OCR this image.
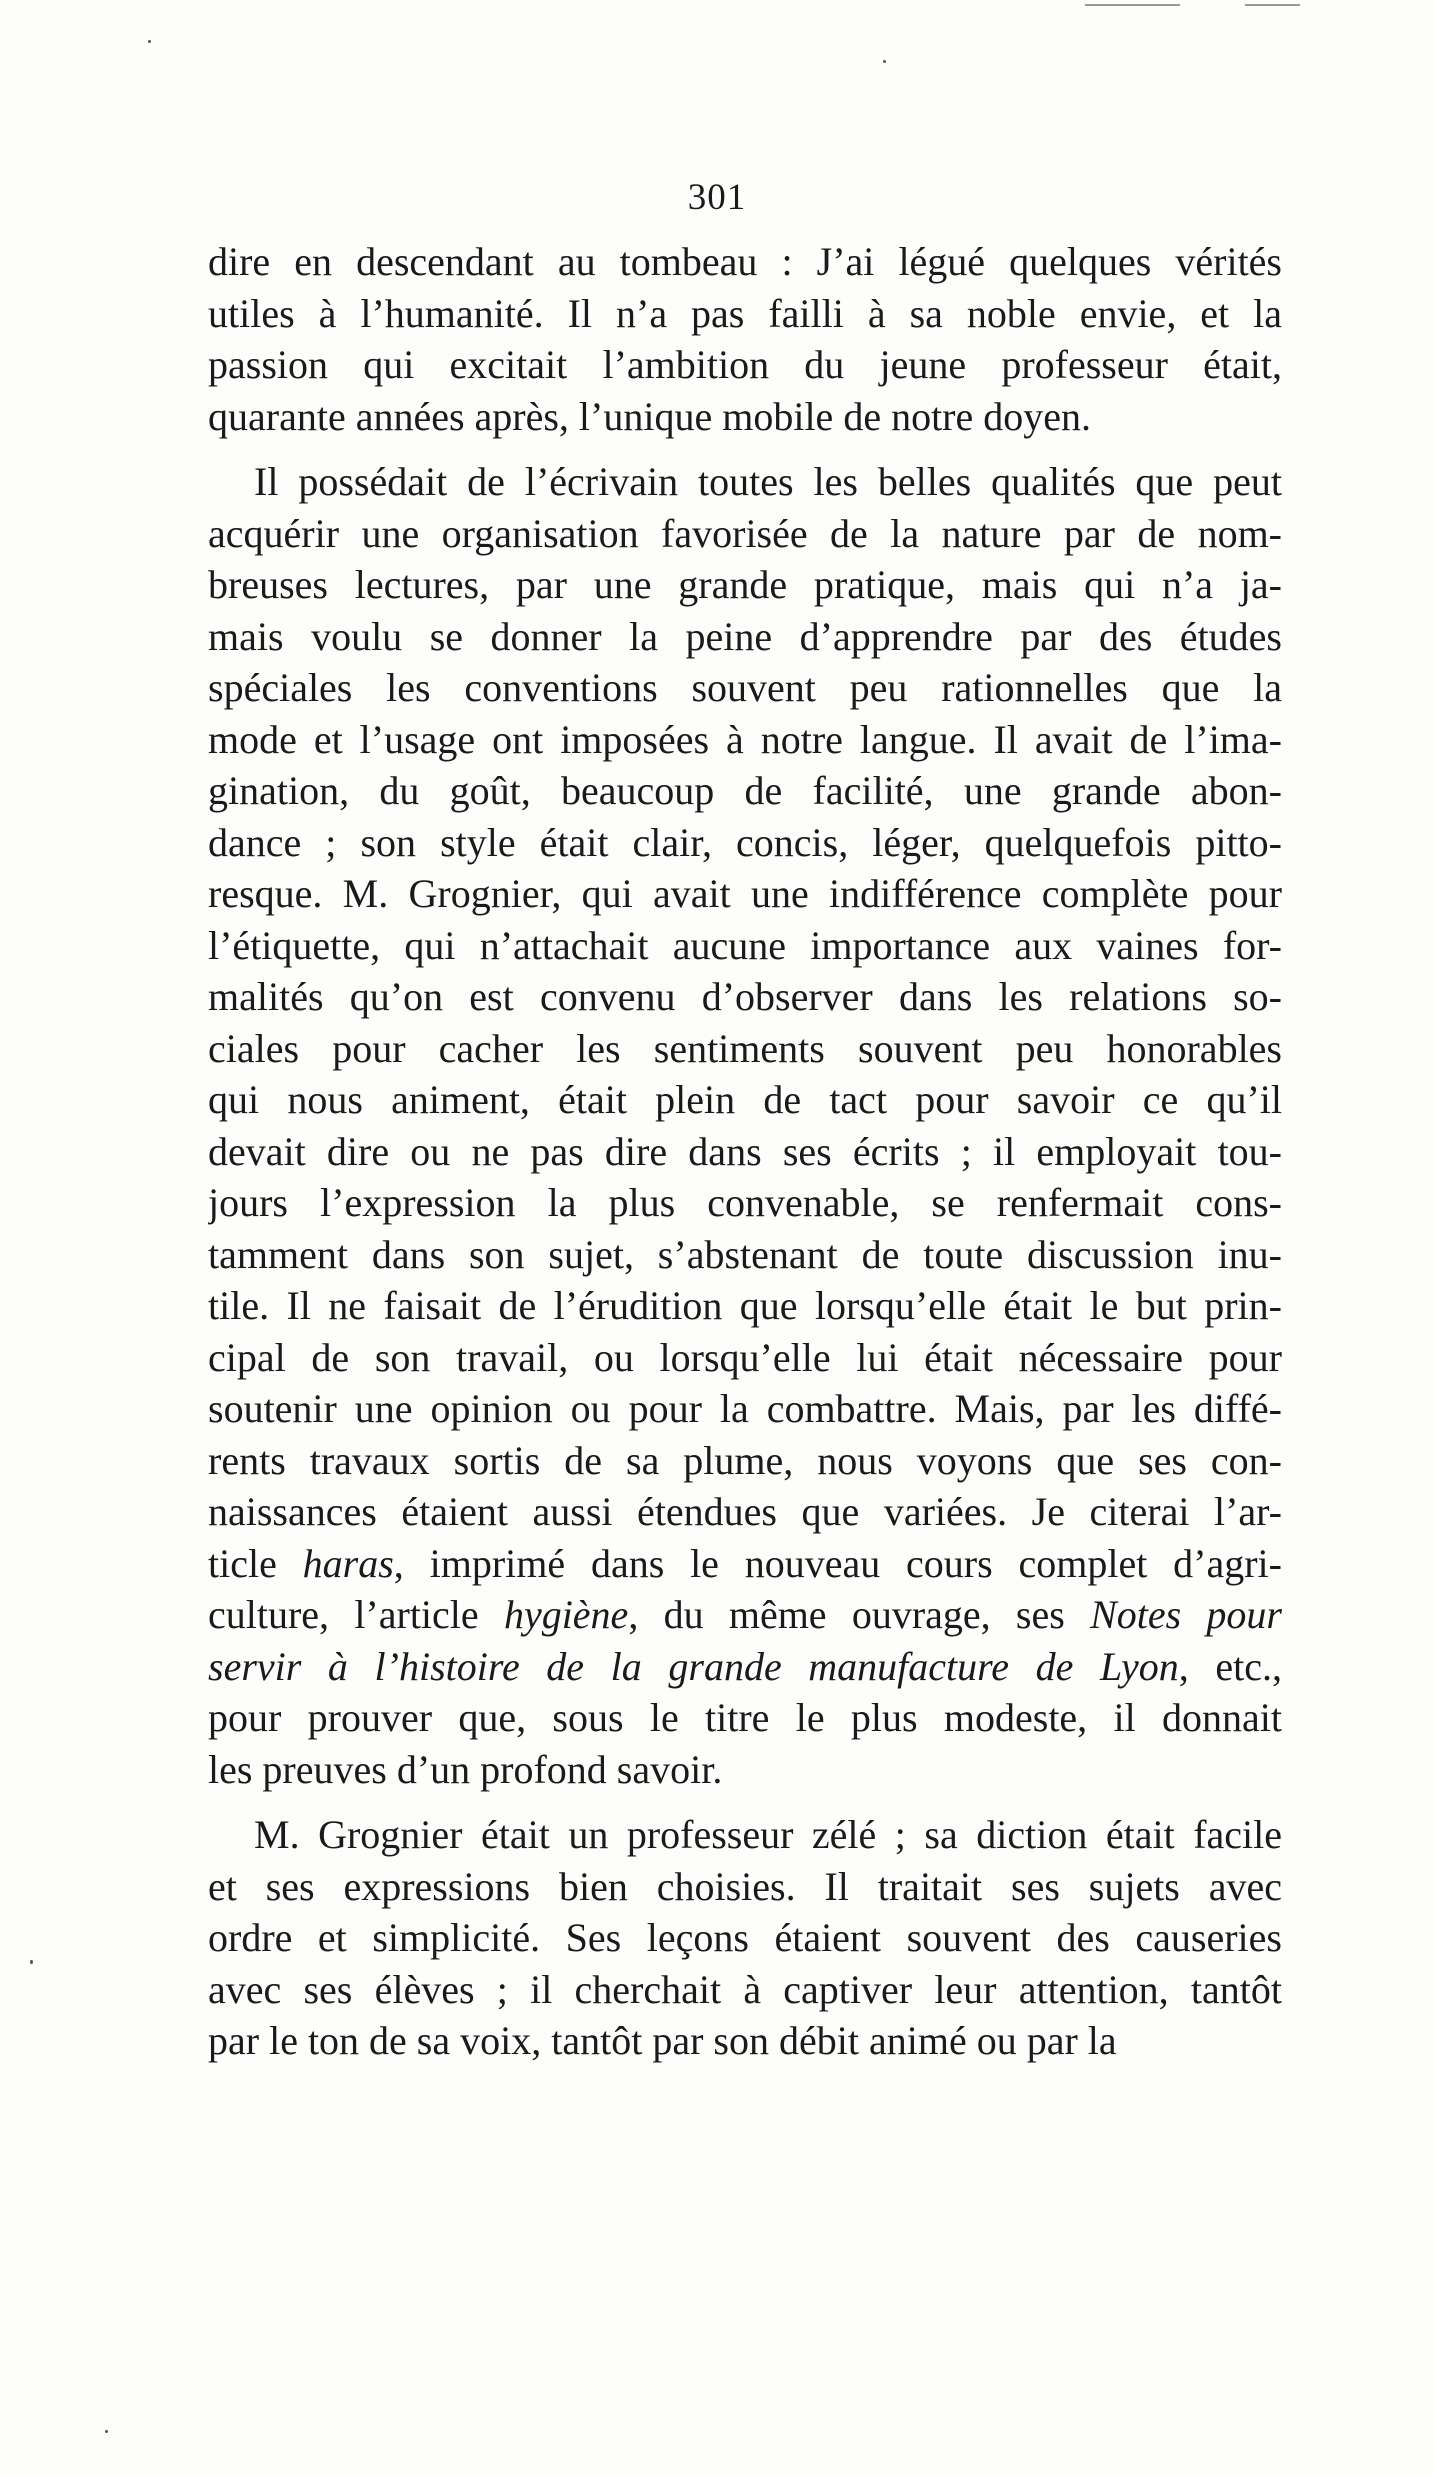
301
dire en descendant au tombeau : J’ai légué quelques vérités
utiles à l’humanité. Il n’a pas failli à sa noble envie, et la
passion qui excitait l’ambition du jeune professeur était,
quarante années après, l’unique mobile de notre doyen.
Il possédait de l’écrivain toutes les belles qualités que peut
acquérir une organisation favorisée de la nature par de nom-
breuses lectures, par une grande pratique, mais qui n’a ja-
mais voulu se donner la peine d’apprendre par des études
spéciales les conventions souvent peu rationnelles que la
mode et l’usage ont imposées à notre langue. Il avait de l’ima-
gination, du goût, beaucoup de facilité, une grande abon-
dance ; son style était clair, concis, léger, quelquefois pitto-
resque. M. Grognier, qui avait une indifférence complète pour
l’étiquette, qui n’attachait aucune importance aux vaines for-
malités qu’on est convenu d’observer dans les relations so-
ciales pour cacher les sentiments souvent peu honorables
qui nous animent, était plein de tact pour savoir ce qu’il
devait dire ou ne pas dire dans ses écrits ; il employait tou-
jours l’expression la plus convenable, se renfermait cons-
tamment dans son sujet, s’abstenant de toute discussion inu-
tile. Il ne faisait de l’érudition que lorsqu’elle était le but prin-
cipal de son travail, ou lorsqu’elle lui était nécessaire pour
soutenir une opinion ou pour la combattre. Mais, par les diffé-
rents travaux sortis de sa plume, nous voyons que ses con-
naissances étaient aussi étendues que variées. Je citerai l’ar-
ticle haras, imprimé dans le nouveau cours complet d’agri-
culture, l’article hygiène, du même ouvrage, ses Notes pour
servir à l’histoire de la grande manufacture de Lyon, etc.,
pour prouver que, sous le titre le plus modeste, il donnait
les preuves d’un profond savoir.
M. Grognier était un professeur zélé ; sa diction était facile
et ses expressions bien choisies. Il traitait ses sujets avec
ordre et simplicité. Ses leçons étaient souvent des causeries
avec ses élèves ; il cherchait à captiver leur attention, tantôt
par le ton de sa voix, tantôt par son débit animé ou par la
